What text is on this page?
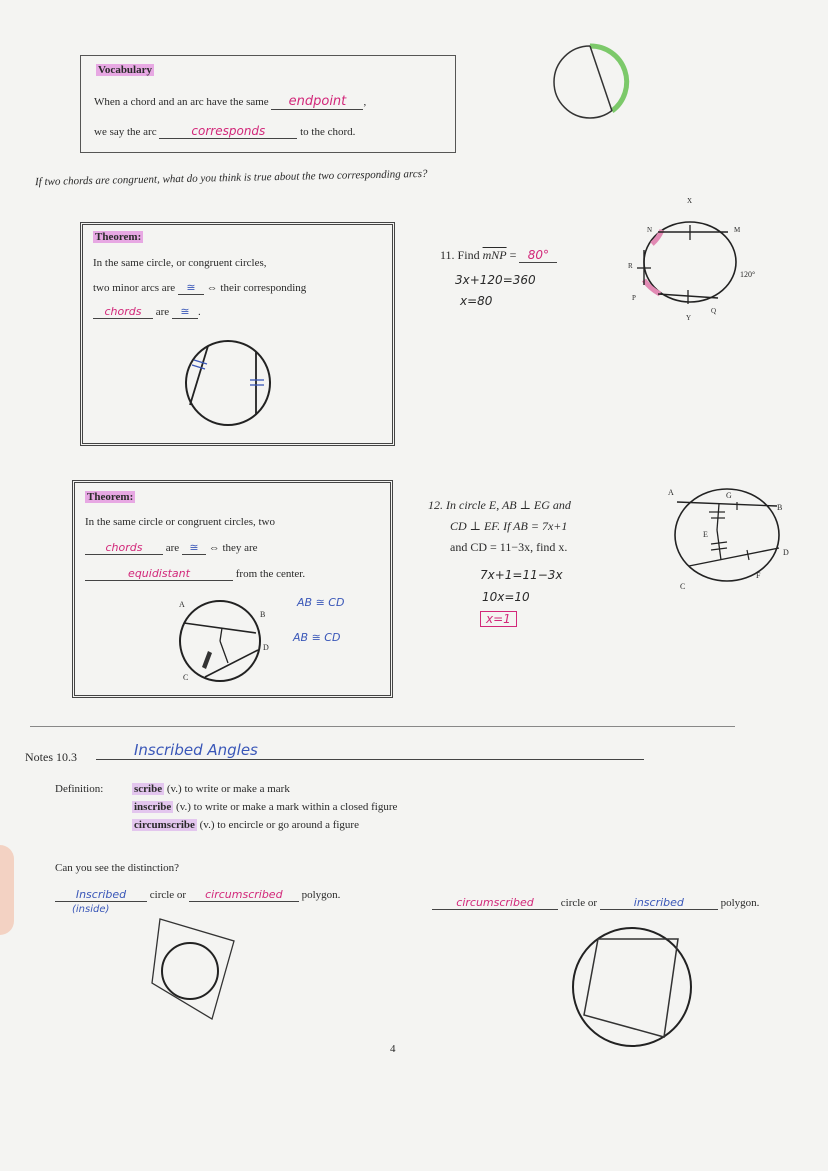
Vocabulary
When a chord and an arc have the same endpoint ,
we say the arc	corresponds	to the chord.
If two chords are congruent, what do you think is true about the two corresponding arcs?
Theorem:
In the same circle, or congruent circles,
two minor arcs are ≅ ⇔ their corresponding
chords are ≅ .
11. Find $\overline{mNP} = 80^\circ$
3x+120=360
x=80
X
N	M
R
P
Y
Q
120°
Theorem:
In the same circle or congruent circles, two
chords are ≅ ⇔ they are
equidistant	from the center.
AB ≅ CD
AB ≅ CD
A
B
C
D
12. In circle E, AB ⊥ EG and
CD ⊥ EF. If AB = 7x+1
and CD = 11−3x, find x.
7x+1=11−3x
10x=10
x=1
A
B
C
D
E
F
G
Notes 10.3	Inscribed Angles
Definition:	scribe (v.) to write or make a mark
inscribe (v.) to write or make a mark within a closed figure
circumscribe (v.) to encircle or go around a figure
Can you see the distinction?
Inscribed circle or circumscribed polygon.
(inside)
circumscribed circle or	inscribed	polygon.
4
